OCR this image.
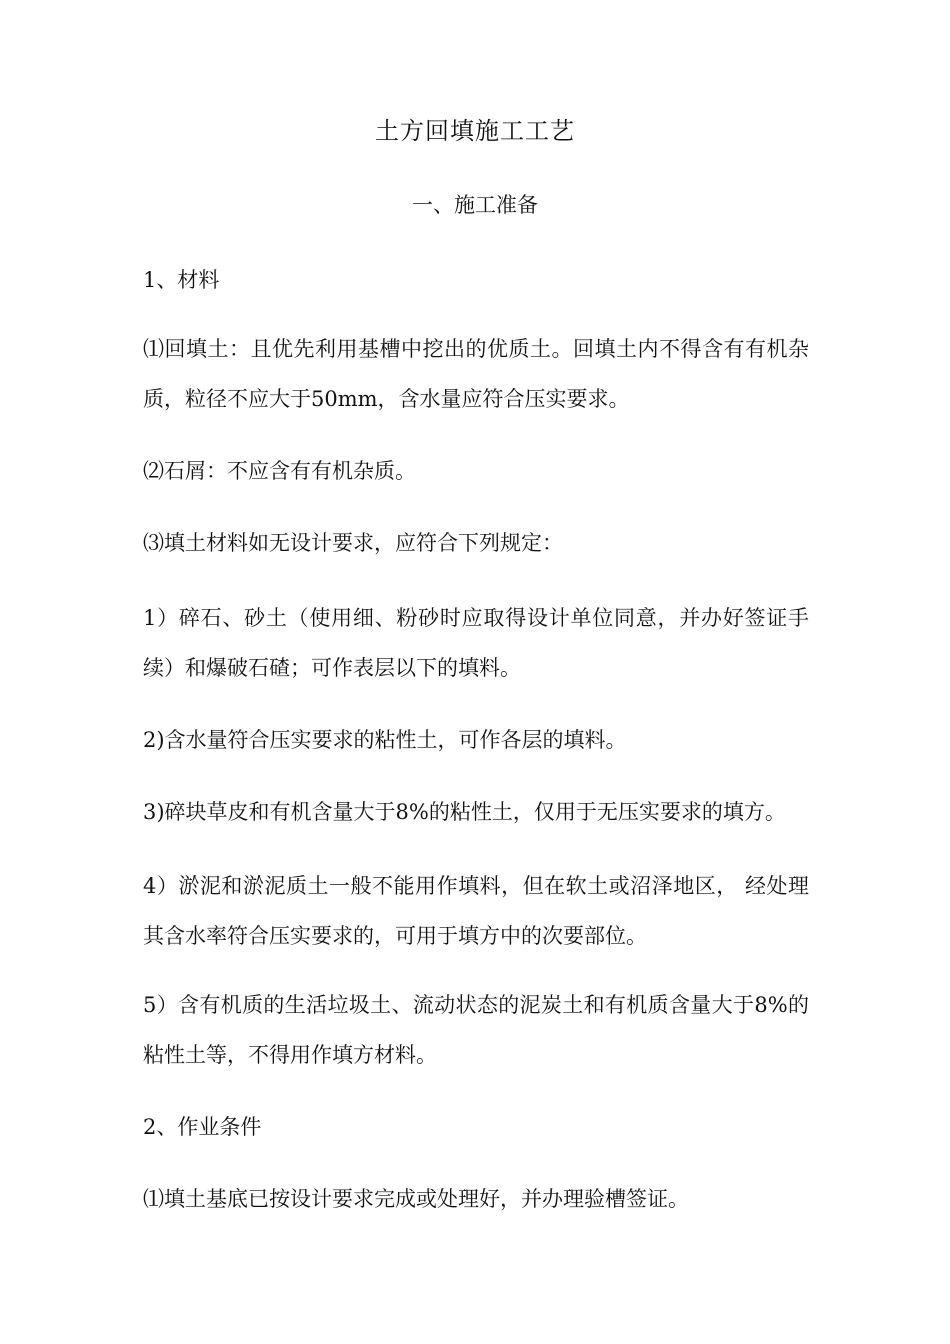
土方回填施工工艺
一、施工准备

1、材料

⑴回填土：且优先利用基槽中挖出的优质土。回填土内不得含有有机杂质，粒径不应大于50mm，含水量应符合压实要求。

⑵石屑：不应含有有机杂质。

⑶填土材料如无设计要求，应符合下列规定：

1）碎石、砂土（使用细、粉砂时应取得设计单位同意，并办好签证手续）和爆破石碴；可作表层以下的填料。

2)含水量符合压实要求的粘性土，可作各层的填料。

3)碎块草皮和有机含量大于8%的粘性土，仅用于无压实要求的填方。

4）淤泥和淤泥质土一般不能用作填料，但在软土或沼泽地区， 经处理其含水率符合压实要求的，可用于填方中的次要部位。

5）含有机质的生活垃圾土、流动状态的泥炭土和有机质含量大于8%的粘性土等，不得用作填方材料。

2、作业条件

⑴填土基底已按设计要求完成或处理好，并办理验槽签证。
